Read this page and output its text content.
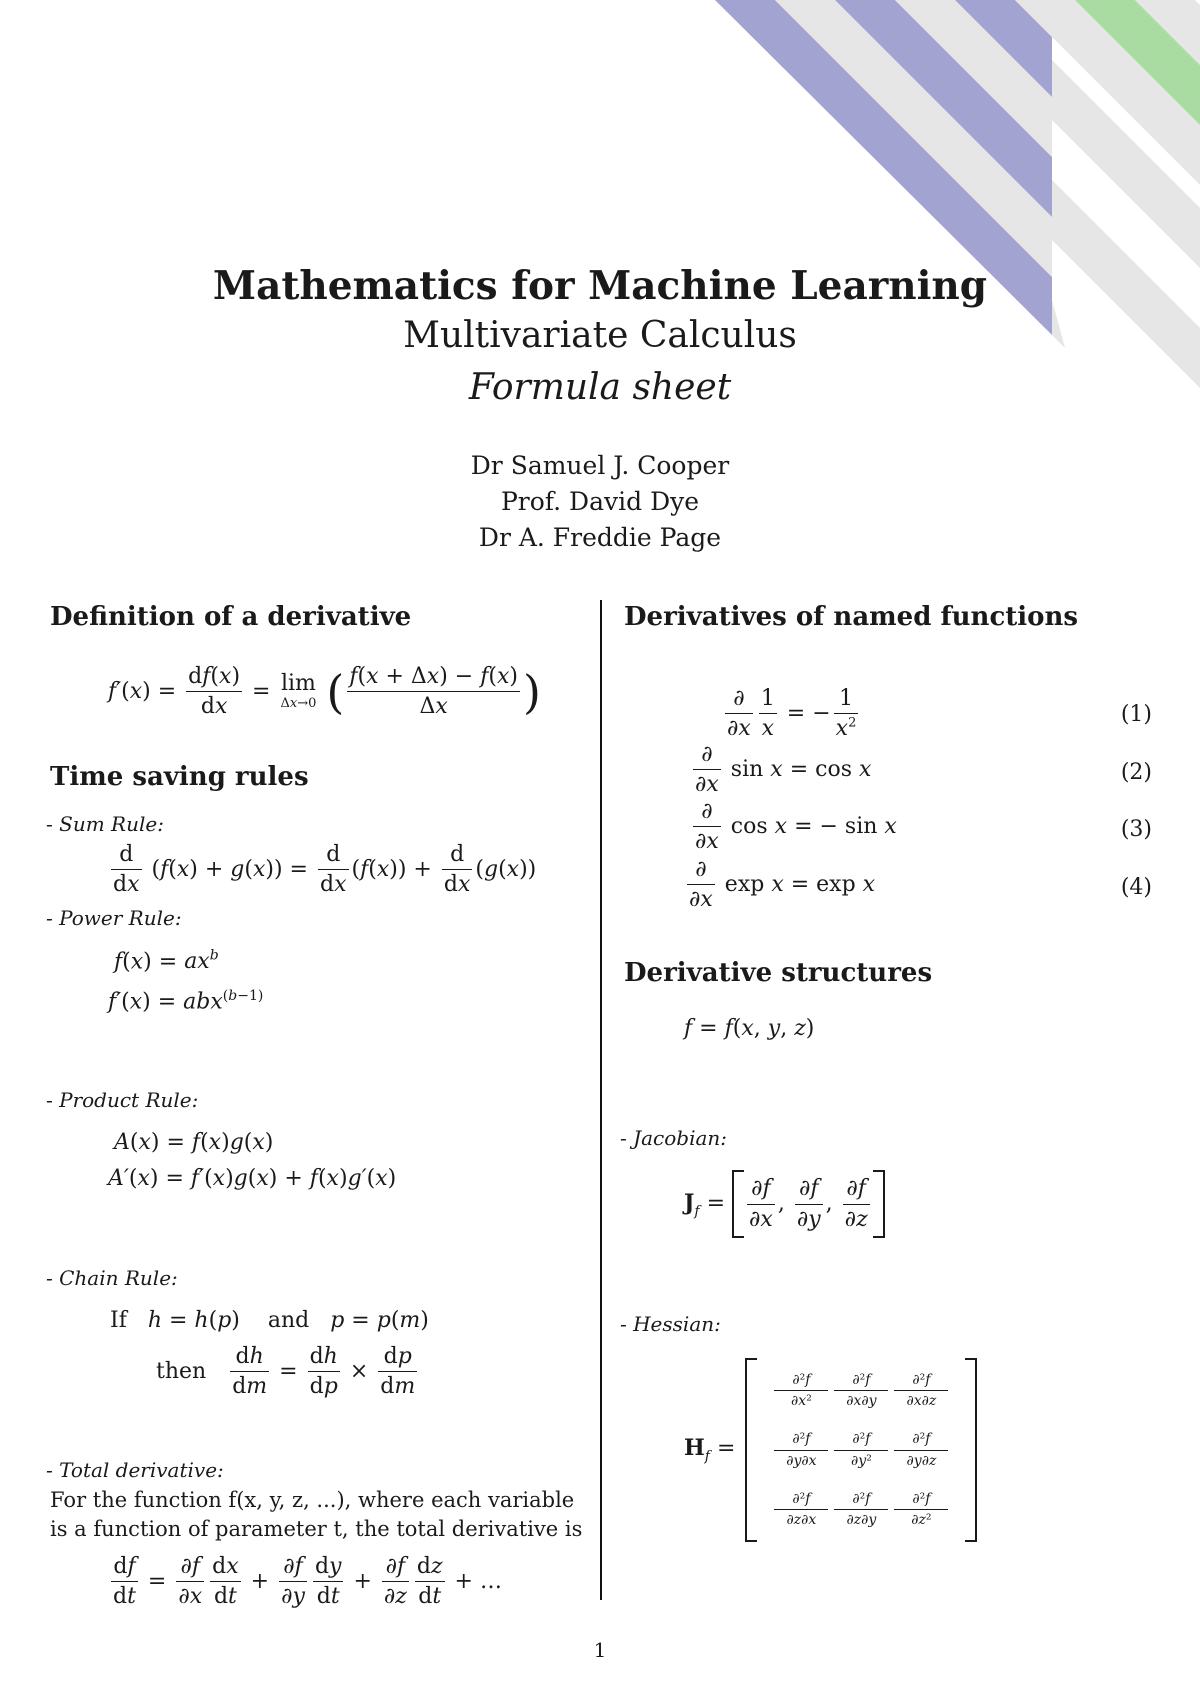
Mathematics for Machine Learning
Multivariate Calculus
Formula sheet
Dr Samuel J. Cooper
Prof. David Dye
Dr A. Freddie Page
Definition of a derivative
$f'(x) = \frac{df(x)}{dx} = \lim$
Δx→0 ( $\frac{f(x + \Delta x) - f(x)}{\Delta x}$ )
Time saving rules
- Sum Rule:
$\frac{d}{dx} (f(x) + g(x)) = \frac{d}{dx} (f(x)) + \frac{d}{dx} (g(x))$
- Power Rule:
$f(x) = ax^b$
f′(x) = abx$^{(b-1)}$
- Product Rule:
A(x) = f(x)g(x)
A′(x) = f′(x)g(x) + f(x)g′(x)
- Chain Rule:
If h = h(p)    and p = p(m)
then $\frac{dh}{dm} = \frac{dh}{dp} \times \frac{dp}{dm}$
- Total derivative:
For the function f(x, y, z, ...), where each variable
is a function of parameter t, the total derivative is
$\frac{df}{dt} = \frac{\partial f}{\partial x} \frac{dx}{dt} + \frac{\partial f}{\partial y} \frac{dy}{dt} + \frac{\partial f}{\partial z} \frac{dz}{dt}$ + …
Derivatives of named functions
$\frac{\partial}{\partial x} \frac{1}{x}$ = − $\frac{1}{x^2}$	(1)
$\frac{\partial}{\partial x}$ sin x = cos x	(2)
$\frac{\partial}{\partial x}$ cos x = − sin x	(3)
$\frac{\partial}{\partial x}$ exp x = exp x	(4)
Derivative structures
f = f(x, y, z)
- Jacobian:
$J_f = \frac{\partial f}{\partial x}$ , $\frac{\partial f}{\partial y}$ , $\frac{\partial f}{\partial z}$
- Hessian:
$H_f$ =
$\frac{\text{∂²f}}{\text{∂x²}} \frac{\text{∂²f}}{\partial x\partial y} \frac{\text{∂²f}}{\partial x\partial z}$
$\frac{\text{∂²f}}{\partial y\partial x} \frac{\text{∂²f}}{\text{∂y²}} \frac{\text{∂²f}}{\partial y\partial z}$
$\frac{\text{∂²f}}{\partial z\partial x} \frac{\text{∂²f}}{\partial z\partial y} \frac{\text{∂²f}}{\text{∂z²}}$
1
